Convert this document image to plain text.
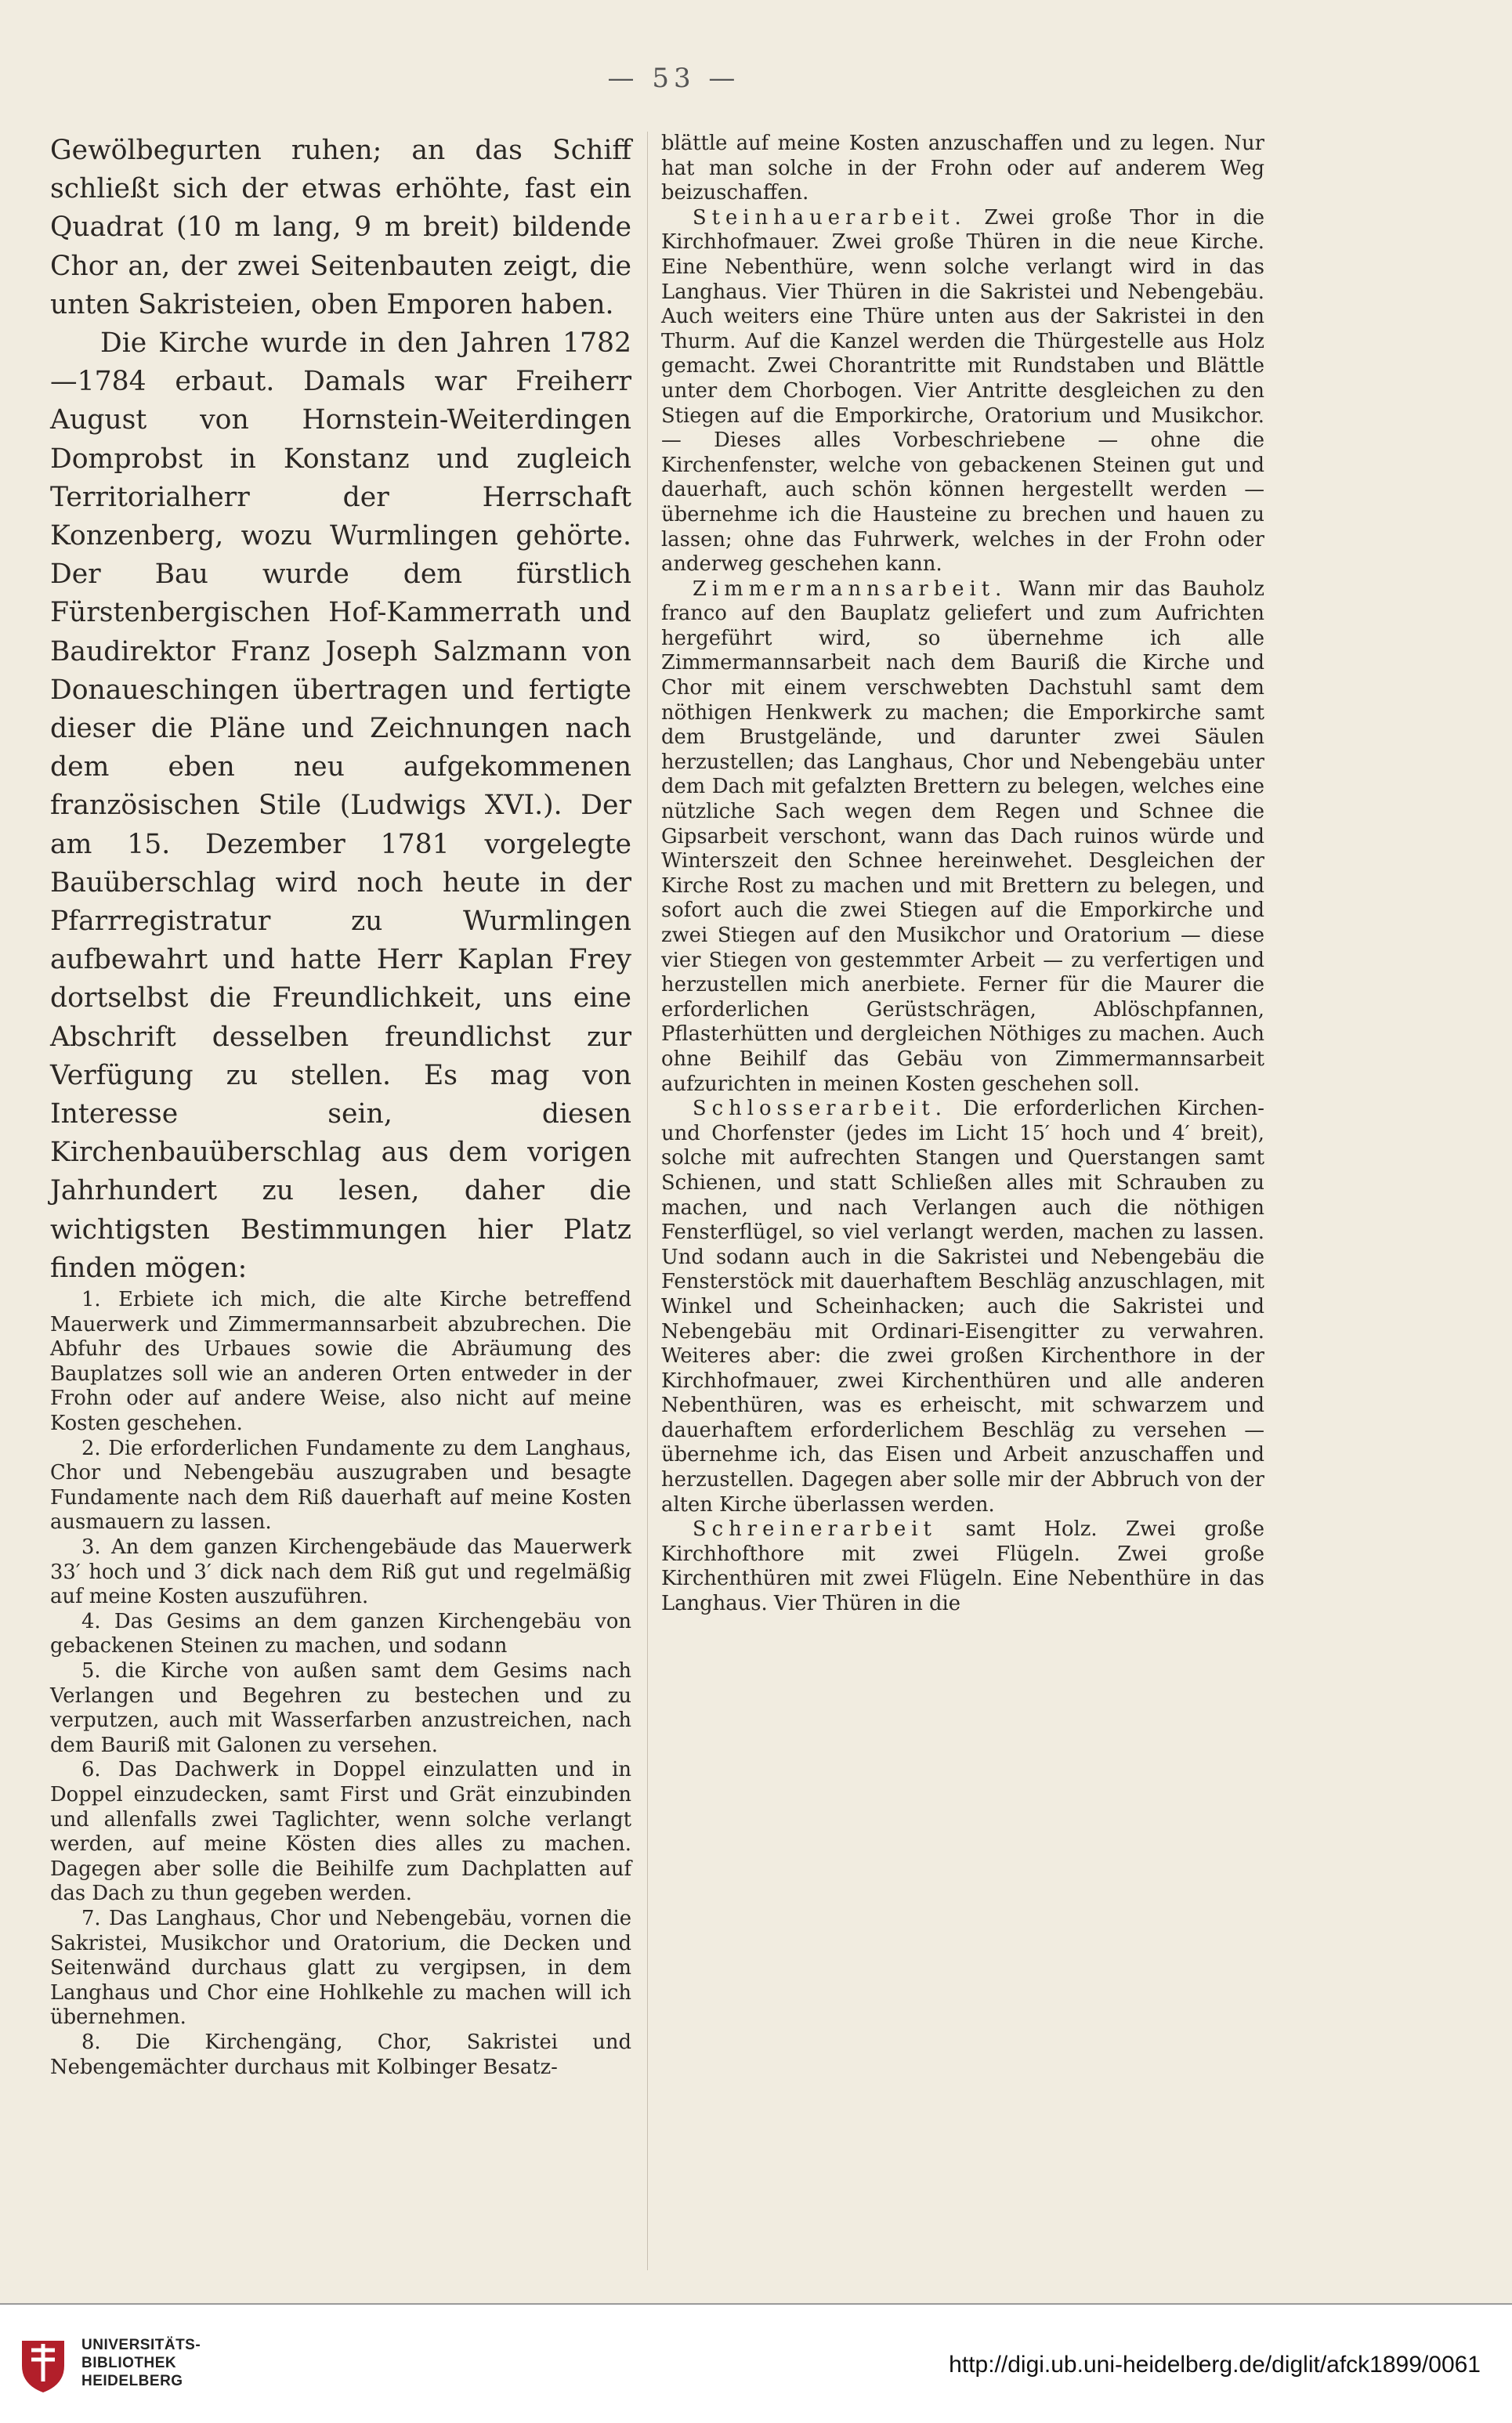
— 53 —

Gewölbegurten ruhen; an das Schiff schließt sich der etwas erhöhte, fast ein Quadrat (10 m lang, 9 m breit) bildende Chor an, der zwei Seitenbauten zeigt, die unten Sakristeien, oben Emporen haben.

Die Kirche wurde in den Jahren 1782—1784 erbaut. Damals war Freiherr August von Hornstein-Weiterdingen Domprobst in Konstanz und zugleich Territorialherr der Herrschaft Konzenberg, wozu Wurmlingen gehörte. Der Bau wurde dem fürstlich Fürstenbergischen Hof-Kammerrath und Baudirektor Franz Joseph Salzmann von Donaueschingen übertragen und fertigte dieser die Pläne und Zeichnungen nach dem eben neu aufgekommenen französischen Stile (Ludwigs XVI.). Der am 15. Dezember 1781 vorgelegte Bauüberschlag wird noch heute in der Pfarrregistratur zu Wurmlingen aufbewahrt und hatte Herr Kaplan Frey dortselbst die Freundlichkeit, uns eine Abschrift desselben freundlichst zur Verfügung zu stellen. Es mag von Interesse sein, diesen Kirchenbauüberschlag aus dem vorigen Jahrhundert zu lesen, daher die wichtigsten Bestimmungen hier Platz finden mögen:

1. Erbiete ich mich, die alte Kirche betreffend Mauerwerk und Zimmermannsarbeit abzubrechen. Die Abfuhr des Urbaues sowie die Abräumung des Bauplatzes soll wie an anderen Orten entweder in der Frohn oder auf andere Weise, also nicht auf meine Kosten geschehen.

2. Die erforderlichen Fundamente zu dem Langhaus, Chor und Nebengebäu auszugraben und besagte Fundamente nach dem Riß dauerhaft auf meine Kosten ausmauern zu lassen.

3. An dem ganzen Kirchengebäude das Mauerwerk 33′ hoch und 3′ dick nach dem Riß gut und regelmäßig auf meine Kosten auszuführen.

4. Das Gesims an dem ganzen Kirchengebäu von gebackenen Steinen zu machen, und sodann

5. die Kirche von außen samt dem Gesims nach Verlangen und Begehren zu bestechen und zu verputzen, auch mit Wasserfarben anzustreichen, nach dem Bauriß mit Galonen zu versehen.

6. Das Dachwerk in Doppel einzulatten und in Doppel einzudecken, samt First und Grät einzubinden und allenfalls zwei Taglichter, wenn solche verlangt werden, auf meine Kösten dies alles zu machen. Dagegen aber solle die Beihilfe zum Dachplatten auf das Dach zu thun gegeben werden.

7. Das Langhaus, Chor und Nebengebäu, vornen die Sakristei, Musikchor und Oratorium, die Decken und Seitenwänd durchaus glatt zu vergipsen, in dem Langhaus und Chor eine Hohlkehle zu machen will ich übernehmen.

8. Die Kirchengäng, Chor, Sakristei und Nebengemächter durchaus mit Kolbinger Besatz-

blättle auf meine Kosten anzuschaffen und zu legen. Nur hat man solche in der Frohn oder auf anderem Weg beizuschaffen.

Steinhauerarbeit. Zwei große Thor in die Kirchhofmauer. Zwei große Thüren in die neue Kirche. Eine Nebenthüre, wenn solche verlangt wird in das Langhaus. Vier Thüren in die Sakristei und Nebengebäu. Auch weiters eine Thüre unten aus der Sakristei in den Thurm. Auf die Kanzel werden die Thürgestelle aus Holz gemacht. Zwei Chorantritte mit Rundstaben und Blättle unter dem Chorbogen. Vier Antritte desgleichen zu den Stiegen auf die Emporkirche, Oratorium und Musikchor. — Dieses alles Vorbeschriebene — ohne die Kirchenfenster, welche von gebackenen Steinen gut und dauerhaft, auch schön können hergestellt werden — übernehme ich die Hausteine zu brechen und hauen zu lassen; ohne das Fuhrwerk, welches in der Frohn oder anderweg geschehen kann.

Zimmermannsarbeit. Wann mir das Bauholz franco auf den Bauplatz geliefert und zum Aufrichten hergeführt wird, so übernehme ich alle Zimmermannsarbeit nach dem Bauriß die Kirche und Chor mit einem verschwebten Dachstuhl samt dem nöthigen Henkwerk zu machen; die Emporkirche samt dem Brustgeländе, und darunter zwei Säulen herzustellen; das Langhaus, Chor und Nebengebäu unter dem Dach mit gefalzten Brettern zu belegen, welches eine nützliche Sach wegen dem Regen und Schnee die Gipsarbeit verschont, wann das Dach ruinos würde und Winterszeit den Schnee hereinwehet. Desgleichen der Kirche Rost zu machen und mit Brettern zu belegen, und sofort auch die zwei Stiegen auf die Emporkirche und zwei Stiegen auf den Musikchor und Oratorium — diese vier Stiegen von gestemmter Arbeit — zu verfertigen und herzustellen mich anerbiete. Ferner für die Maurer die erforderlichen Gerüstschrägen, Ablöschpfannen, Pflasterhütten und dergleichen Nöthiges zu machen. Auch ohne Beihilf das Gebäu von Zimmermannsarbeit aufzurichten in meinen Kosten geschehen soll.

Schlosserarbeit. Die erforderlichen Kirchen- und Chorfenster (jedes im Licht 15′ hoch und 4′ breit), solche mit aufrechten Stangen und Querstangen samt Schienen, und statt Schließen alles mit Schrauben zu machen, und nach Verlangen auch die nöthigen Fensterflügel, so viel verlangt werden, machen zu lassen. Und sodann auch in die Sakristei und Nebengebäu die Fensterstöck mit dauerhaftem Beschläg anzuschlagen, mit Winkel und Scheinhacken; auch die Sakristei und Nebengebäu mit Ordinari-Eisengitter zu verwahren. Weiteres aber: die zwei großen Kirchenthore in der Kirchhofmauer, zwei Kirchenthüren und alle anderen Nebenthüren, was es erheischt, mit schwarzem und dauerhaftem erforderlichem Beschläg zu versehen — übernehme ich, das Eisen und Arbeit anzuschaffen und herzustellen. Dagegen aber solle mir der Abbruch von der alten Kirche überlassen werden.

Schreinerarbeit samt Holz. Zwei große Kirchhofthore mit zwei Flügeln. Zwei große Kirchenthüren mit zwei Flügeln. Eine Nebenthüre in das Langhaus. Vier Thüren in die

UNIVERSITÄTS-
BIBLIOTHEK
HEIDELBERG
http://digi.ub.uni-heidelberg.de/diglit/afck1899/0061
